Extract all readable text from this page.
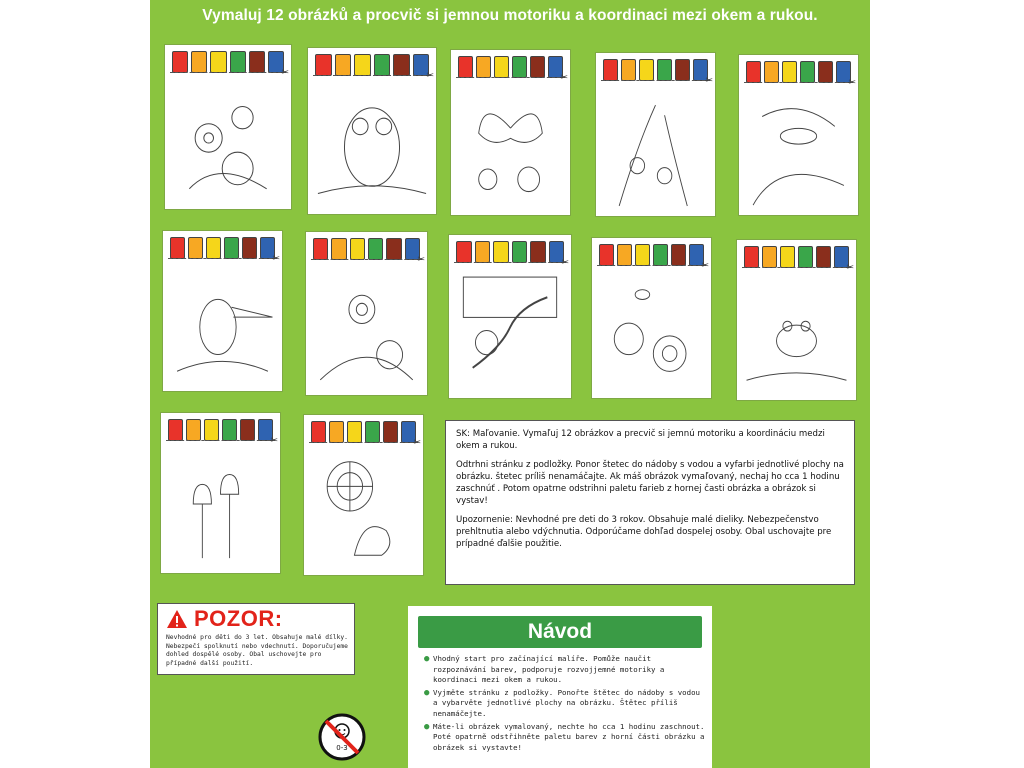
Vymaluj 12 obrázků a procvič si jemnou motoriku a koordinaci mezi okem a rukou.
✂	✂	✂	✂	✂
✂	✂	✂	✂	✂
✂	✂

SK: Maľovanie. Vymaľuj 12 obrázkov a precvič si jemnú motoriku a koordináciu medzi okem a rukou.

Odtrhni stránku z podložky. Ponor štetec do nádoby s vodou a vyfarbi jednotlivé plochy na obrázku. štetec príliš nenamáčajte. Ak máš obrázok vymaľovaný, nechaj ho cca 1 hodinu zaschnúť . Potom opatrne odstrihni paletu farieb z hornej časti obrázka a obrázok si vystav!

Upozornenie: Nevhodné pre deti do 3 rokov. Obsahuje malé dieliky. Nebezpečenstvo prehltnutia alebo vdýchnutia. Odporúčame dohľad dospelej osoby. Obal uschovajte pre prípadné ďalšie použitie.

POZOR:
Nevhodné pro děti do 3 let. Obsahuje malé dílky. Nebezpečí spolknutí nebo vdechnutí. Doporučujeme dohled dospělé osoby. Obal uschovejte pro případné další použití.
0-3
Návod
● Vhodný start pro začínající malíře. Pomůže naučit rozpoznávání barev, podporuje rozvojjemné motoriky a koordinaci mezi okem a rukou.
● Vyjměte stránku z podložky. Ponořte štětec do nádoby s vodou a vybarvěte jednotlivé plochy na obrázku. Štětec příliš nenamáčejte.
● Máte-li obrázek vymalovaný, nechte ho cca 1 hodinu zaschnout. Poté opatrně odstřihněte paletu barev z horní části obrázku a obrázek si vystavte!
